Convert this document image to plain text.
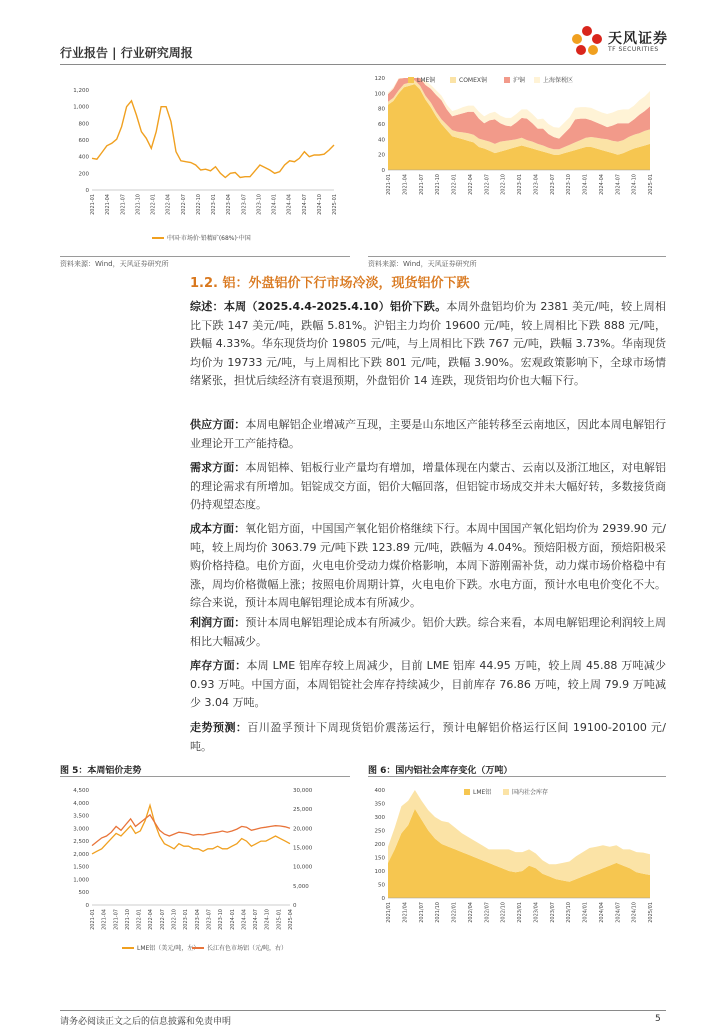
行业报告 | 行业研究周报
天风证券
TF SECURITIES
1,200
1,000
800
600
400
200
0
2021-01 2021-04 2021-07 2021-10 2022-01 2022-04 2022-07 2022-10 2023-01 2023-04 2023-07 2023-10 2024-01 2024-04 2024-07 2024-10 2025-01
中国·市场价·铅精矿(68%)·中国
资料来源：Wind，天风证券研究所
120
100
80
60
40
20
0
2021-01 2021-04 2021-07 2021-10 2022-01 2022-04 2022-07 2022-10 2023-01 2023-04 2023-07 2023-10 2024-01 2024-04 2024-07 2024-10 2025-01
LME铜	COMEX铜	沪铜	上海保税区
资料来源：Wind，天风证券研究所
1.2. 铝：外盘铝价下行市场冷淡，现货铝价下跌
综述：本周（2025.4.4-2025.4.10）铝价下跌。本周外盘铝均价为 2381 美元/吨，较上周相比下跌 147 美元/吨，跌幅 5.81%。沪铝主力均价 19600 元/吨，较上周相比下跌 888 元/吨，跌幅 4.33%。华东现货均价 19805 元/吨，与上周相比下跌 767 元/吨，跌幅 3.73%。华南现货均价为 19733 元/吨，与上周相比下跌 801 元/吨，跌幅 3.90%。宏观政策影响下，全球市场情绪紧张，担忧后续经济有衰退预期，外盘铝价 14 连跌，现货铝均价也大幅下行。
供应方面：本周电解铝企业增减产互现，主要是山东地区产能转移至云南地区，因此本周电解铝行业理论开工产能持稳。
需求方面：本周铝棒、铝板行业产量均有增加，增量体现在内蒙古、云南以及浙江地区，对电解铝的理论需求有所增加。铝锭成交方面，铝价大幅回落，但铝锭市场成交并未大幅好转，多数接货商仍持观望态度。
成本方面：氧化铝方面，中国国产氧化铝价格继续下行。本周中国国产氧化铝均价为 2939.90 元/吨，较上周均价 3063.79 元/吨下跌 123.89 元/吨，跌幅为 4.04%。预焙阳极方面，预焙阳极采购价格持稳。电价方面，火电电价受动力煤价格影响，本周下游刚需补货，动力煤市场价格稳中有涨，周均价格微幅上涨；按照电价周期计算，火电电价下跌。水电方面，预计水电电价变化不大。综合来说，预计本周电解铝理论成本有所减少。
利润方面：预计本周电解铝理论成本有所减少。铝价大跌。综合来看，本周电解铝理论利润较上周相比大幅减少。
库存方面：本周 LME 铝库存较上周减少，目前 LME 铝库 44.95 万吨，较上周 45.88 万吨减少 0.93 万吨。中国方面，本周铝锭社会库存持续减少，目前库存 76.86 万吨，较上周 79.9 万吨减少 3.04 万吨。
走势预测：百川盈孚预计下周现货铝价震荡运行，预计电解铝价格运行区间 19100-20100 元/吨。
图 5：本周铝价走势	图 6：国内铝社会库存变化（万吨）
4,500
4,000
3,500
3,000
2,500
2,000
1,500
1,000
500
0
2021-01 2021-04 2021-07 2021-10 2022-01 2022-04 2022-07 2022-10 2023-01 2023-04 2023-07 2023-10 2024-01 2024-04 2024-07 2024-10 2025-01 2025-04
30,000
25,000
20,000
15,000
10,000
5,000
0
LME铝（美元/吨，左） 长江有色市场铝（元/吨，右）
400
350
300
250
200
150
100
50
0
2021/01 2021/04 2021/07 2021/10 2022/01 2022/04 2022/07 2022/10 2023/01 2023/04 2023/07 2023/10 2024/01 2024/04 2024/07 2024/10 2025/01
LME铝	国内社会库存
请务必阅读正文之后的信息披露和免责申明	5
